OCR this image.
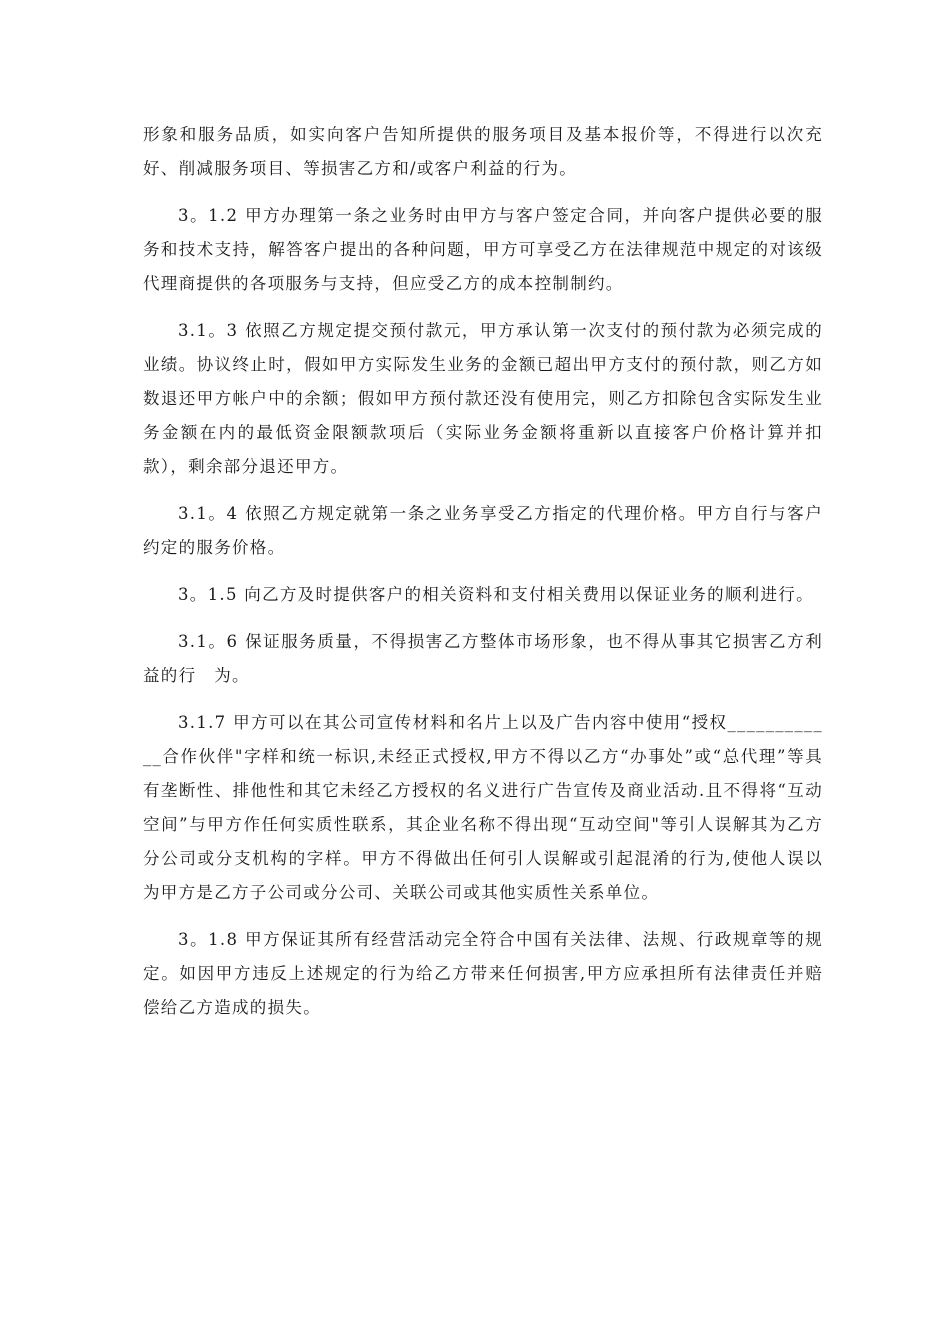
形象和服务品质，如实向客户告知所提供的服务项目及基本报价等，不得进行以次充好、削减服务项目、等损害乙方和/或客户利益的行为。

3。1.2 甲方办理第一条之业务时由甲方与客户签定合同，并向客户提供必要的服务和技术支持，解答客户提出的各种问题，甲方可享受乙方在法律规范中规定的对该级代理商提供的各项服务与支持，但应受乙方的成本控制制约。

3.1。3 依照乙方规定提交预付款元，甲方承认第一次支付的预付款为必须完成的业绩。协议终止时，假如甲方实际发生业务的金额已超出甲方支付的预付款，则乙方如数退还甲方帐户中的余额；假如甲方预付款还没有使用完，则乙方扣除包含实际发生业务金额在内的最低资金限额款项后（实际业务金额将重新以直接客户价格计算并扣款），剩余部分退还甲方。

3.1。4 依照乙方规定就第一条之业务享受乙方指定的代理价格。甲方自行与客户约定的服务价格。

3。1.5 向乙方及时提供客户的相关资料和支付相关费用以保证业务的顺利进行。

3.1。6 保证服务质量，不得损害乙方整体市场形象，也不得从事其它损害乙方利益的行　为。

3.1.7 甲方可以在其公司宣传材料和名片上以及广告内容中使用“授权____________合作伙伴"字样和统一标识,未经正式授权,甲方不得以乙方“办事处”或“总代理”等具有垄断性、排他性和其它未经乙方授权的名义进行广告宣传及商业活动.且不得将“互动空间”与甲方作任何实质性联系，其企业名称不得出现“互动空间"等引人误解其为乙方分公司或分支机构的字样。甲方不得做出任何引人误解或引起混淆的行为,使他人误以为甲方是乙方子公司或分公司、关联公司或其他实质性关系单位。

3。1.8 甲方保证其所有经营活动完全符合中国有关法律、法规、行政规章等的规定。如因甲方违反上述规定的行为给乙方带来任何损害,甲方应承担所有法律责任并赔偿给乙方造成的损失。
